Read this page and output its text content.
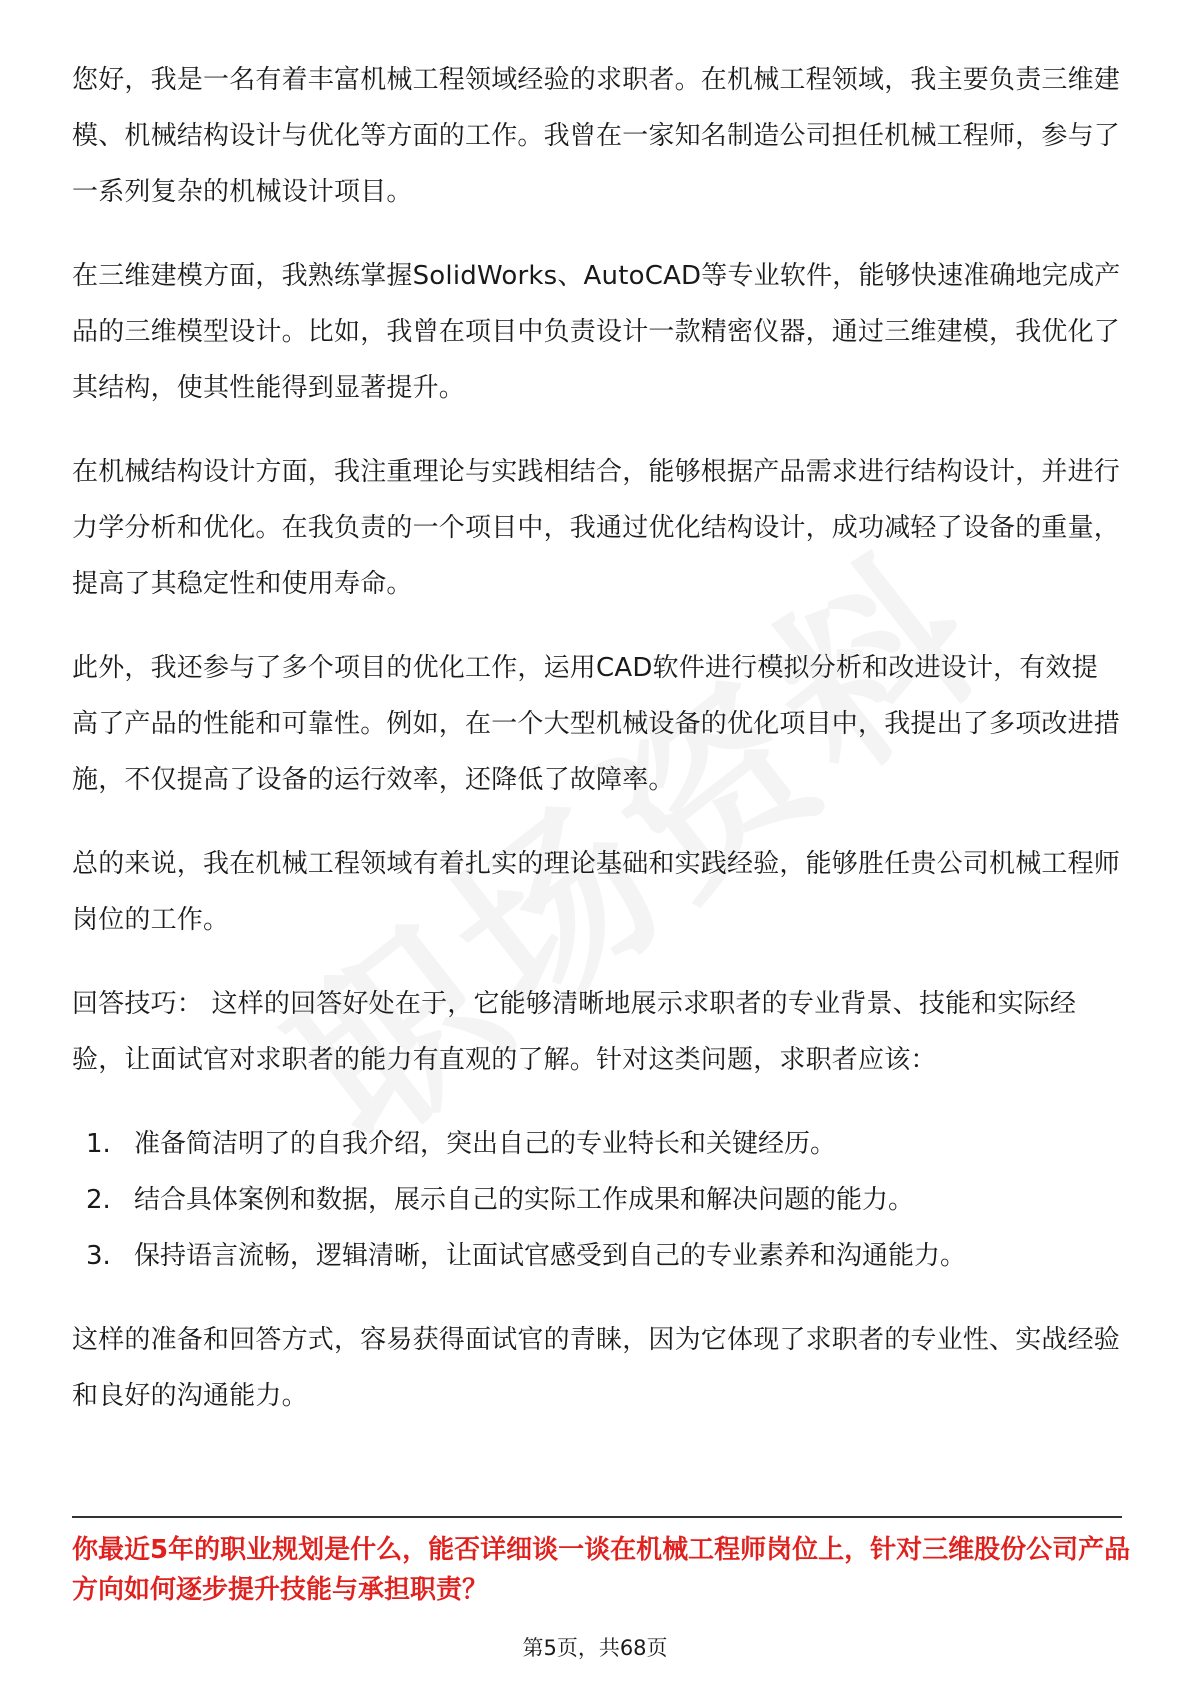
您好，我是一名有着丰富机械工程领域经验的求职者。在机械工程领域，我主要负责三维建模、机械结构设计与优化等方面的工作。我曾在一家知名制造公司担任机械工程师，参与了一系列复杂的机械设计项目。

在三维建模方面，我熟练掌握SolidWorks、AutoCAD等专业软件，能够快速准确地完成产品的三维模型设计。比如，我曾在项目中负责设计一款精密仪器，通过三维建模，我优化了其结构，使其性能得到显著提升。

在机械结构设计方面，我注重理论与实践相结合，能够根据产品需求进行结构设计，并进行力学分析和优化。在我负责的一个项目中，我通过优化结构设计，成功减轻了设备的重量，提高了其稳定性和使用寿命。

此外，我还参与了多个项目的优化工作，运用CAD软件进行模拟分析和改进设计，有效提高了产品的性能和可靠性。例如，在一个大型机械设备的优化项目中，我提出了多项改进措施，不仅提高了设备的运行效率，还降低了故障率。

总的来说，我在机械工程领域有着扎实的理论基础和实践经验，能够胜任贵公司机械工程师岗位的工作。

回答技巧： 这样的回答好处在于，它能够清晰地展示求职者的专业背景、技能和实际经验，让面试官对求职者的能力有直观的了解。针对这类问题，求职者应该：

1. 准备简洁明了的自我介绍，突出自己的专业特长和关键经历。
2. 结合具体案例和数据，展示自己的实际工作成果和解决问题的能力。
3. 保持语言流畅，逻辑清晰，让面试官感受到自己的专业素养和沟通能力。

这样的准备和回答方式，容易获得面试官的青睐，因为它体现了求职者的专业性、实战经验和良好的沟通能力。

你最近5年的职业规划是什么，能否详细谈一谈在机械工程师岗位上，针对三维股份公司产品方向如何逐步提升技能与承担职责？
第5页，共68页
